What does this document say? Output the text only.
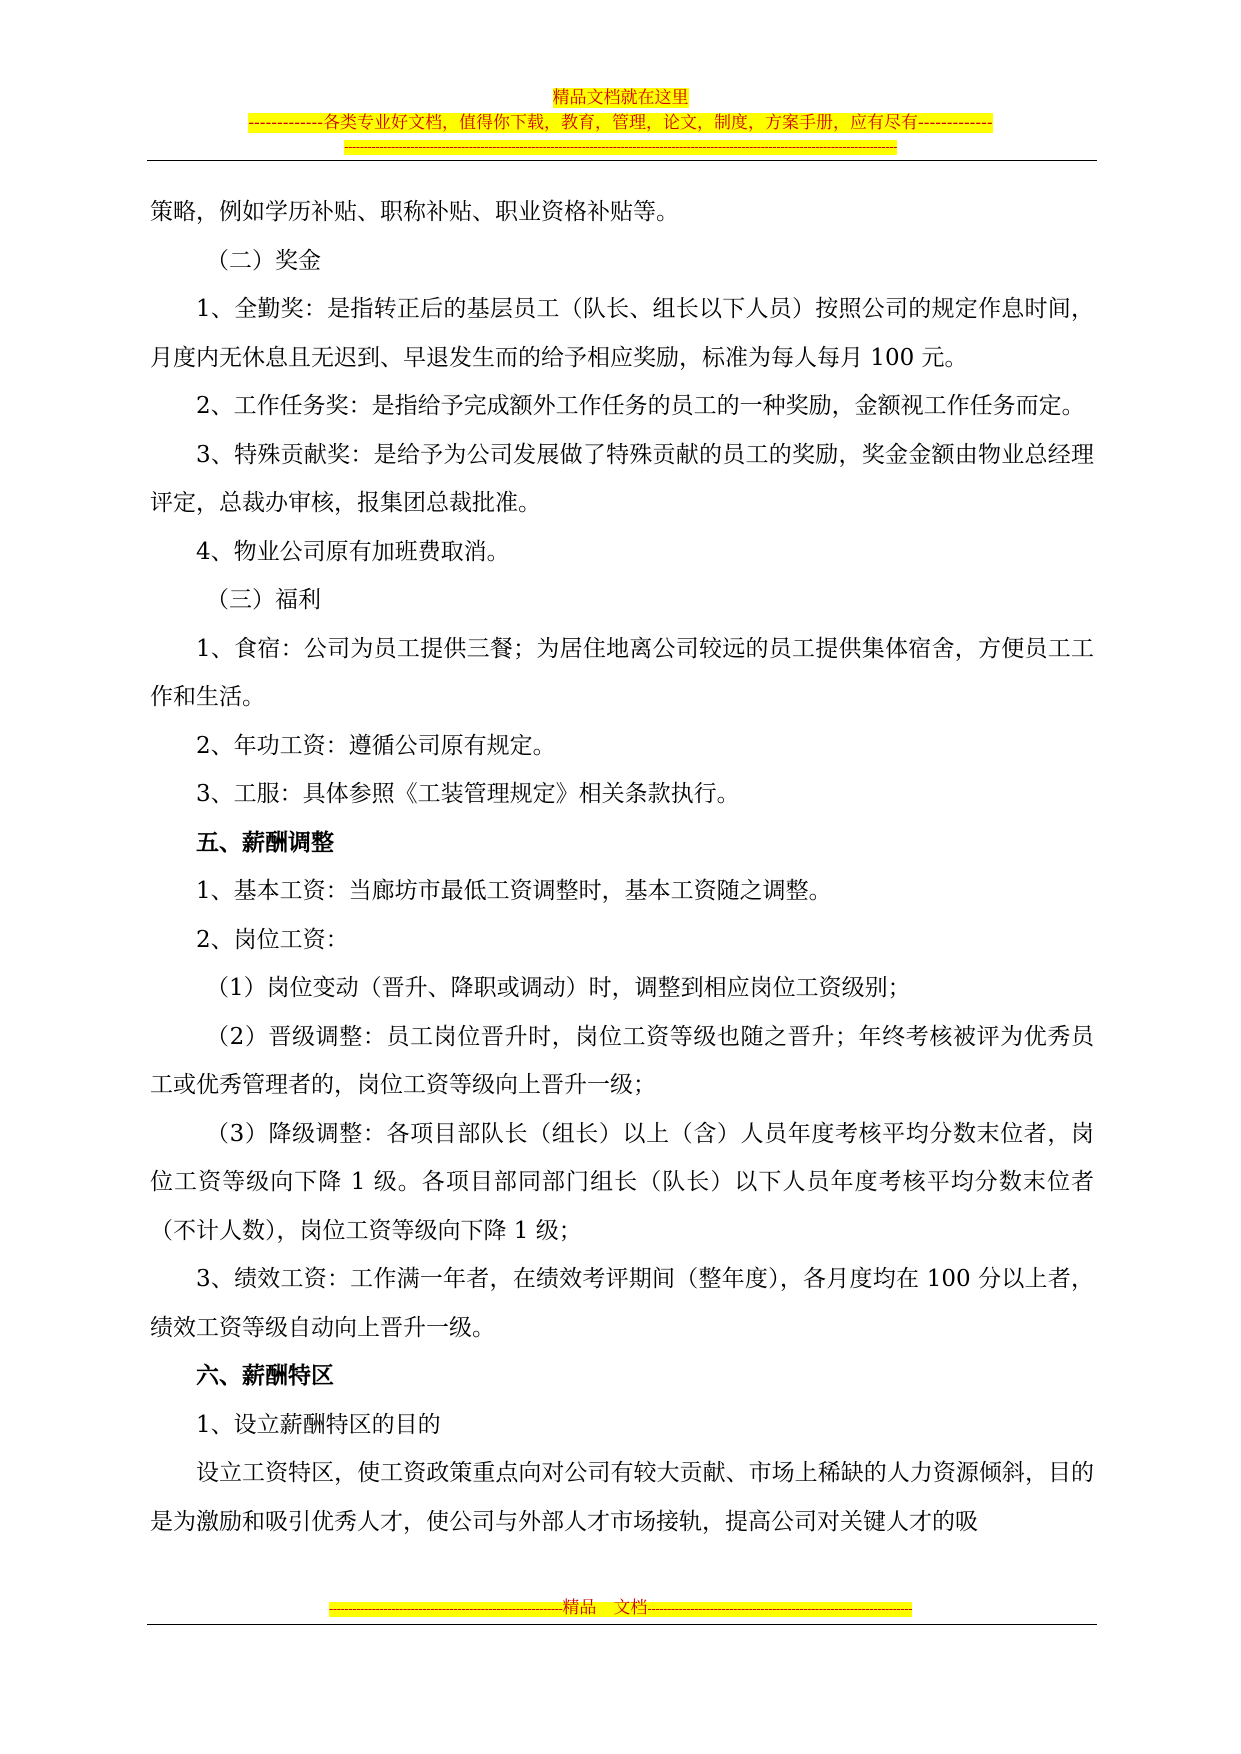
精品文档就在这里
-------------各类专业好文档，值得你下载，教育，管理，论文，制度，方案手册，应有尽有-------------
----------------------------------------------------------------------------------------------------------------------------------------------

策略，例如学历补贴、职称补贴、职业资格补贴等。

（二）奖金

1、全勤奖：是指转正后的基层员工（队长、组长以下人员）按照公司的规定作息时间，月度内无休息且无迟到、早退发生而的给予相应奖励，标准为每人每月 100 元。

2、工作任务奖：是指给予完成额外工作任务的员工的一种奖励，金额视工作任务而定。

3、特殊贡献奖：是给予为公司发展做了特殊贡献的员工的奖励，奖金金额由物业总经理评定，总裁办审核，报集团总裁批准。

4、物业公司原有加班费取消。

（三）福利

1、食宿：公司为员工提供三餐；为居住地离公司较远的员工提供集体宿舍，方便员工工作和生活。

2、年功工资：遵循公司原有规定。

3、工服：具体参照《工装管理规定》相关条款执行。

五、薪酬调整

1、基本工资：当廊坊市最低工资调整时，基本工资随之调整。

2、岗位工资：

（1）岗位变动（晋升、降职或调动）时，调整到相应岗位工资级别；

（2）晋级调整：员工岗位晋升时，岗位工资等级也随之晋升；年终考核被评为优秀员工或优秀管理者的，岗位工资等级向上晋升一级；

（3）降级调整：各项目部队长（组长）以上（含）人员年度考核平均分数末位者，岗位工资等级向下降 1 级。各项目部同部门组长（队长）以下人员年度考核平均分数末位者（不计人数），岗位工资等级向下降 1 级；

3、绩效工资：工作满一年者，在绩效考评期间（整年度），各月度均在 100 分以上者，绩效工资等级自动向上晋升一级。

六、薪酬特区

1、设立薪酬特区的目的

设立工资特区，使工资政策重点向对公司有较大贡献、市场上稀缺的人力资源倾斜，目的是为激励和吸引优秀人才，使公司与外部人才市场接轨，提高公司对关键人才的吸

------------------------------------------------------------精品　文档--------------------------------------------------------------------
